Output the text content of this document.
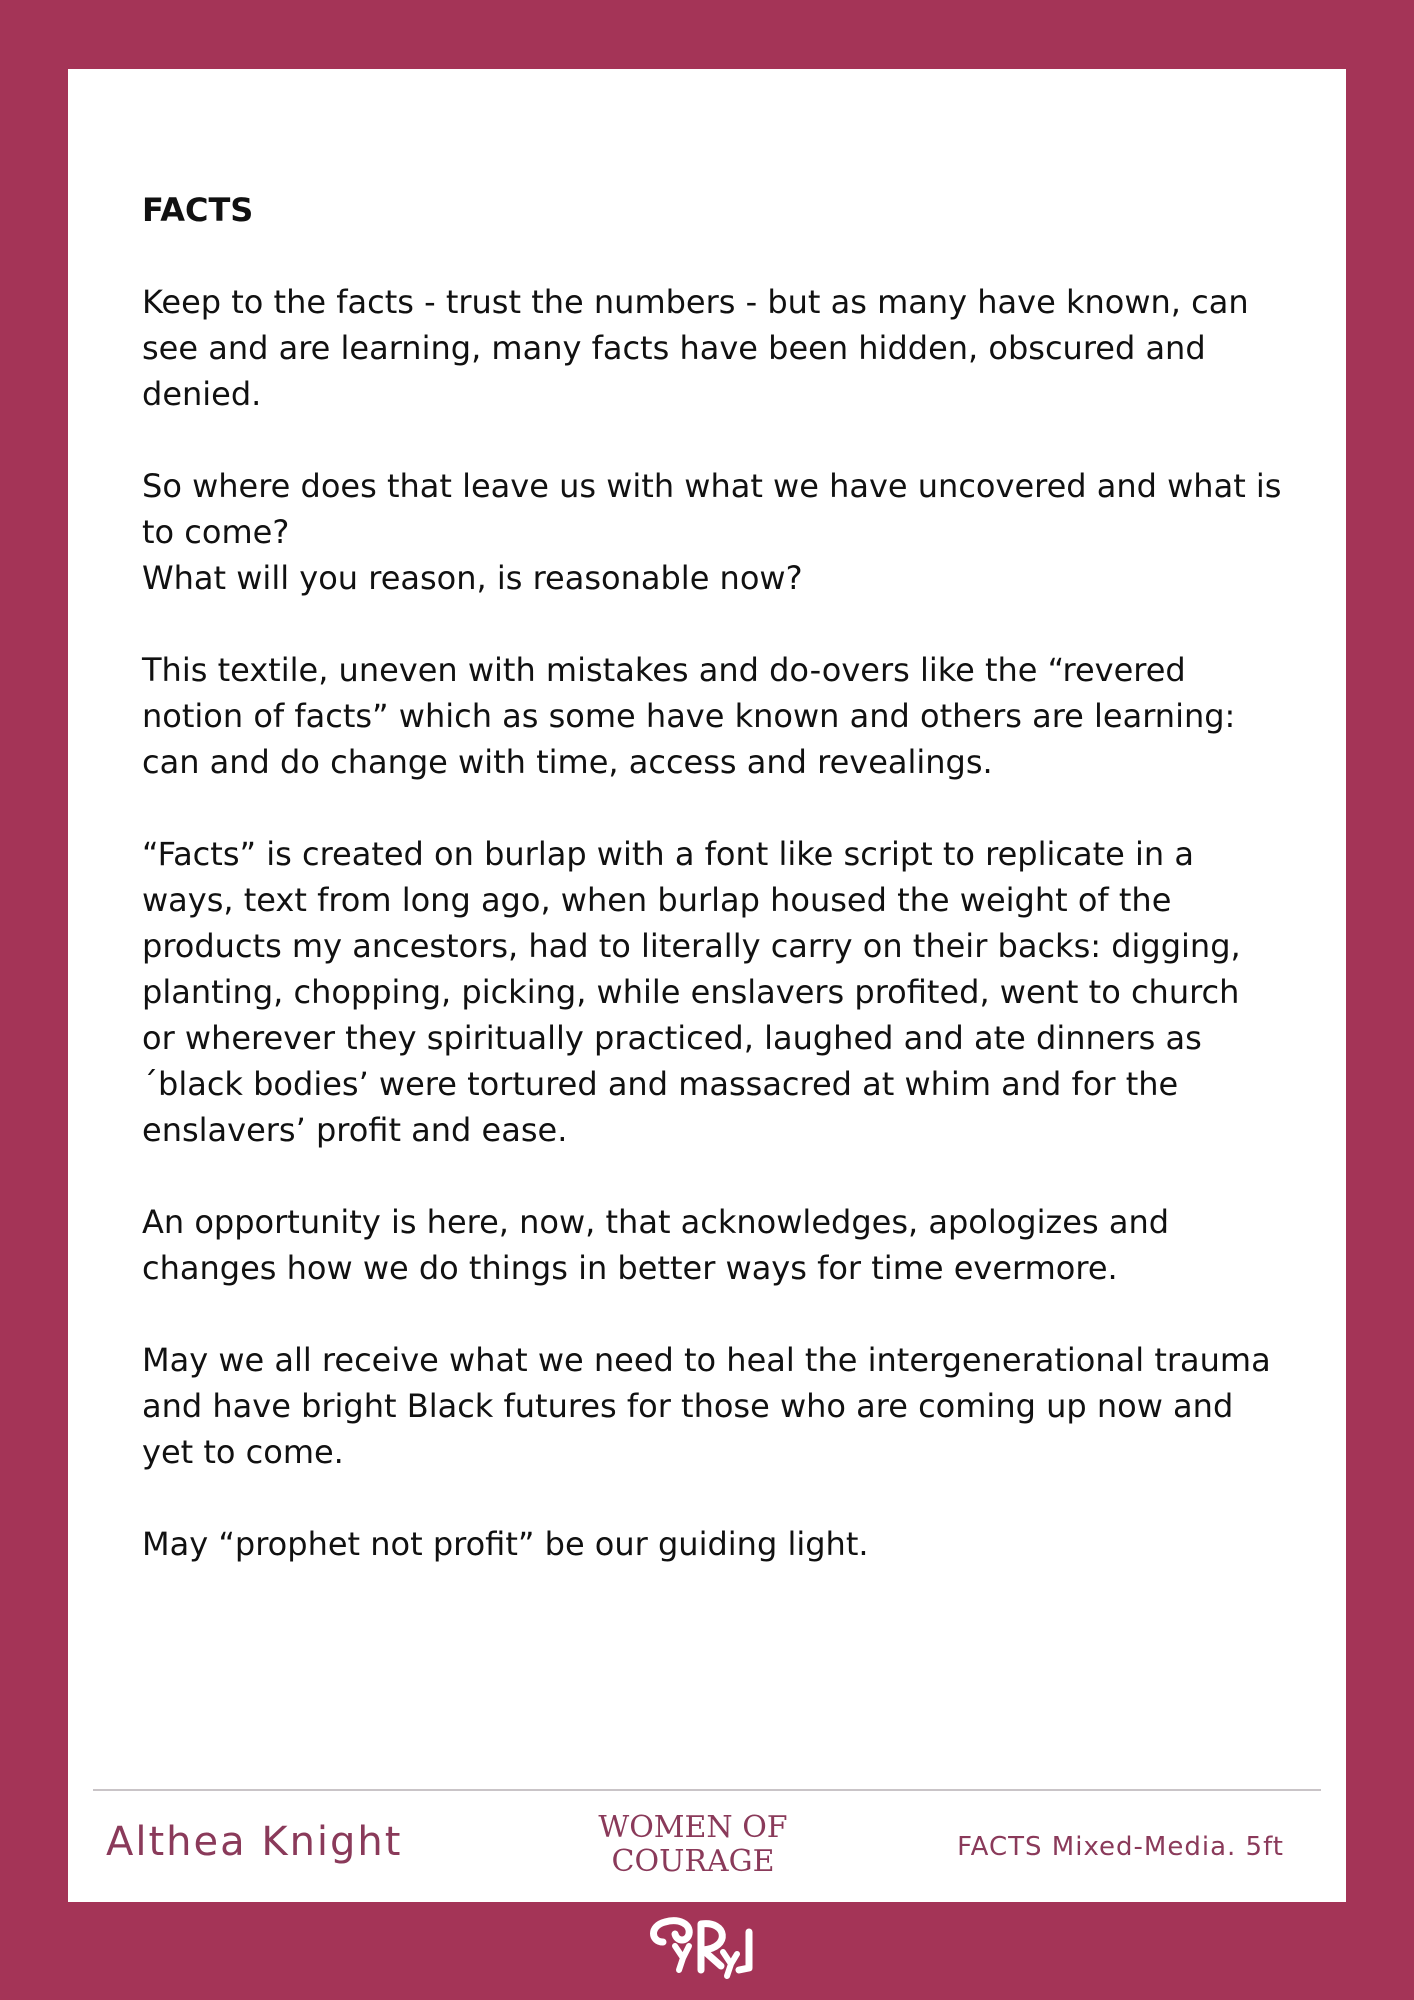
FACTS
Keep to the facts - trust the numbers - but as many have known, can see and are learning, many facts have been hidden, obscured and denied.
So where does that leave us with what we have uncovered and what is to come?
What will you reason, is reasonable now?
This textile, uneven with mistakes and do-overs like the “revered notion of facts” which as some have known and others are learning: can and do change with time, access and revealings.
“Facts” is created on burlap with a font like script to replicate in a ways, text from long ago, when burlap housed the weight of the products my ancestors, had to literally carry on their backs: digging, planting, chopping, picking, while enslavers profited, went to church or wherever they spiritually practiced, laughed and ate dinners as ´black bodies’ were tortured and massacred at whim and for the enslavers’ profit and ease.
An opportunity is here, now, that acknowledges, apologizes and changes how we do things in better ways for time evermore.
May we all receive what we need to heal the intergenerational trauma and have bright Black futures for those who are coming up now and yet to come.
May “prophet not profit” be our guiding light.
Althea Knight	WOMEN OF
COURAGE	FACTS Mixed-Media. 5ft
